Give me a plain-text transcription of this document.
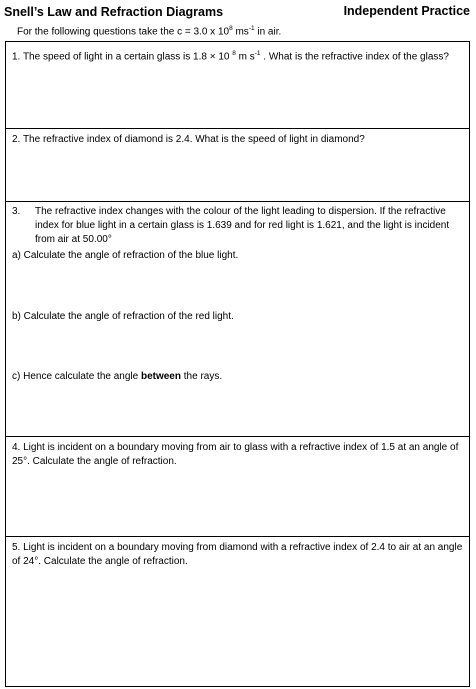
Snell’s Law and Refraction Diagrams	Independent Practice
For the following questions take the c = 3.0 x $10^8$ $ms^{-1}$ in air.
1. The speed of light in a certain glass is 1.8 × 10 $^8$ m $s^{-1}$ . What is the refractive index of the glass?
2. The refractive index of diamond is 2.4. What is the speed of light in diamond?
3. The refractive index changes with the colour of the light leading to dispersion. If the refractive index for blue light in a certain glass is 1.639 and for red light is 1.621, and the light is incident from air at 50.00°
a) Calculate the angle of refraction of the blue light.
b) Calculate the angle of refraction of the red light.
c) Hence calculate the angle between the rays.
4. Light is incident on a boundary moving from air to glass with a refractive index of 1.5 at an angle of 25°. Calculate the angle of refraction.
5. Light is incident on a boundary moving from diamond with a refractive index of 2.4 to air at an angle of 24°. Calculate the angle of refraction.
